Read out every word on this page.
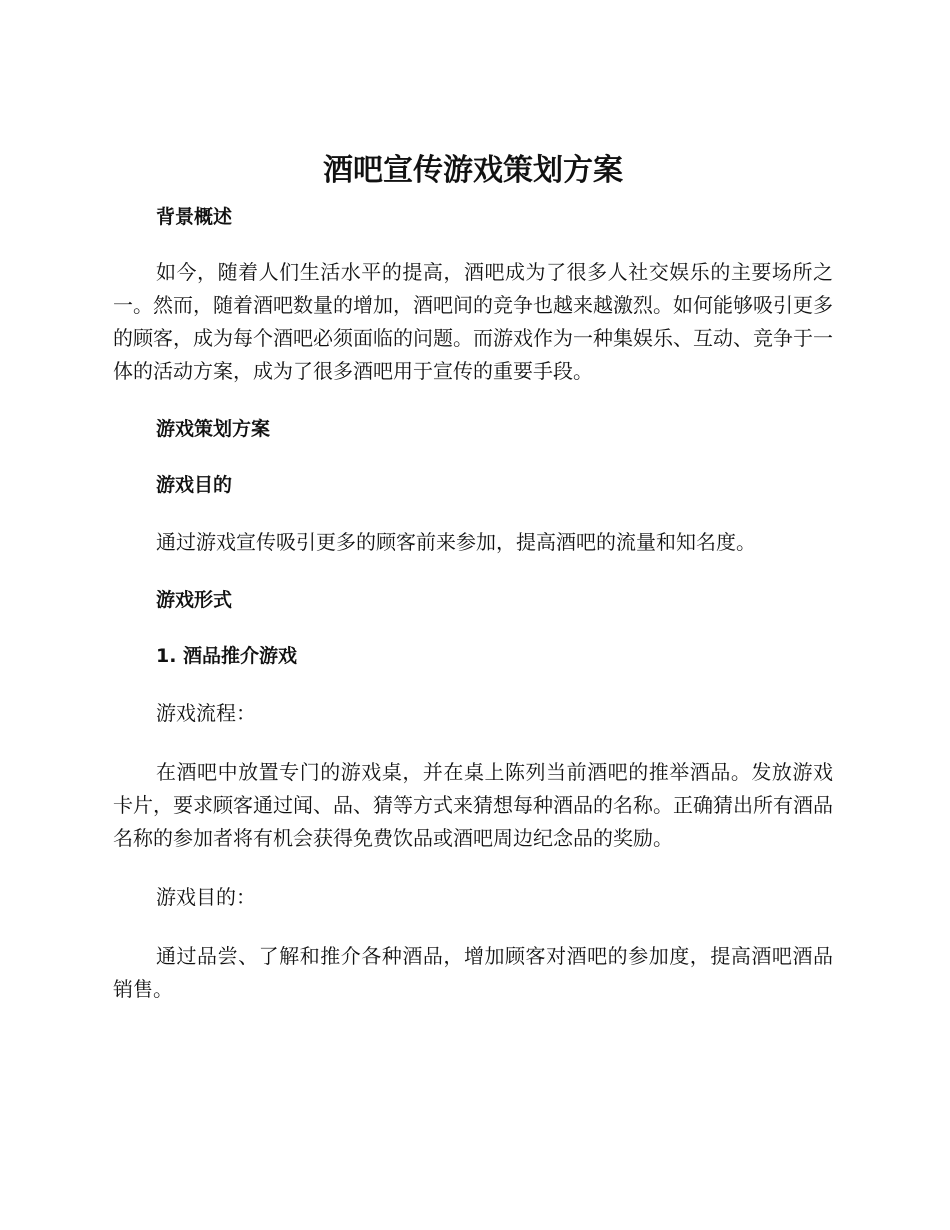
酒吧宣传游戏策划方案

背景概述

如今，随着人们生活水平的提高，酒吧成为了很多人社交娱乐的主要场所之一。然而，随着酒吧数量的增加，酒吧间的竞争也越来越激烈。如何能够吸引更多的顾客，成为每个酒吧必须面临的问题。而游戏作为一种集娱乐、互动、竞争于一体的活动方案，成为了很多酒吧用于宣传的重要手段。

游戏策划方案

游戏目的

通过游戏宣传吸引更多的顾客前来参加，提高酒吧的流量和知名度。

游戏形式

1. 酒品推介游戏

游戏流程：

在酒吧中放置专门的游戏桌，并在桌上陈列当前酒吧的推举酒品。发放游戏卡片，要求顾客通过闻、品、猜等方式来猜想每种酒品的名称。正确猜出所有酒品名称的参加者将有机会获得免费饮品或酒吧周边纪念品的奖励。

游戏目的：

通过品尝、了解和推介各种酒品，增加顾客对酒吧的参加度，提高酒吧酒品销售。
